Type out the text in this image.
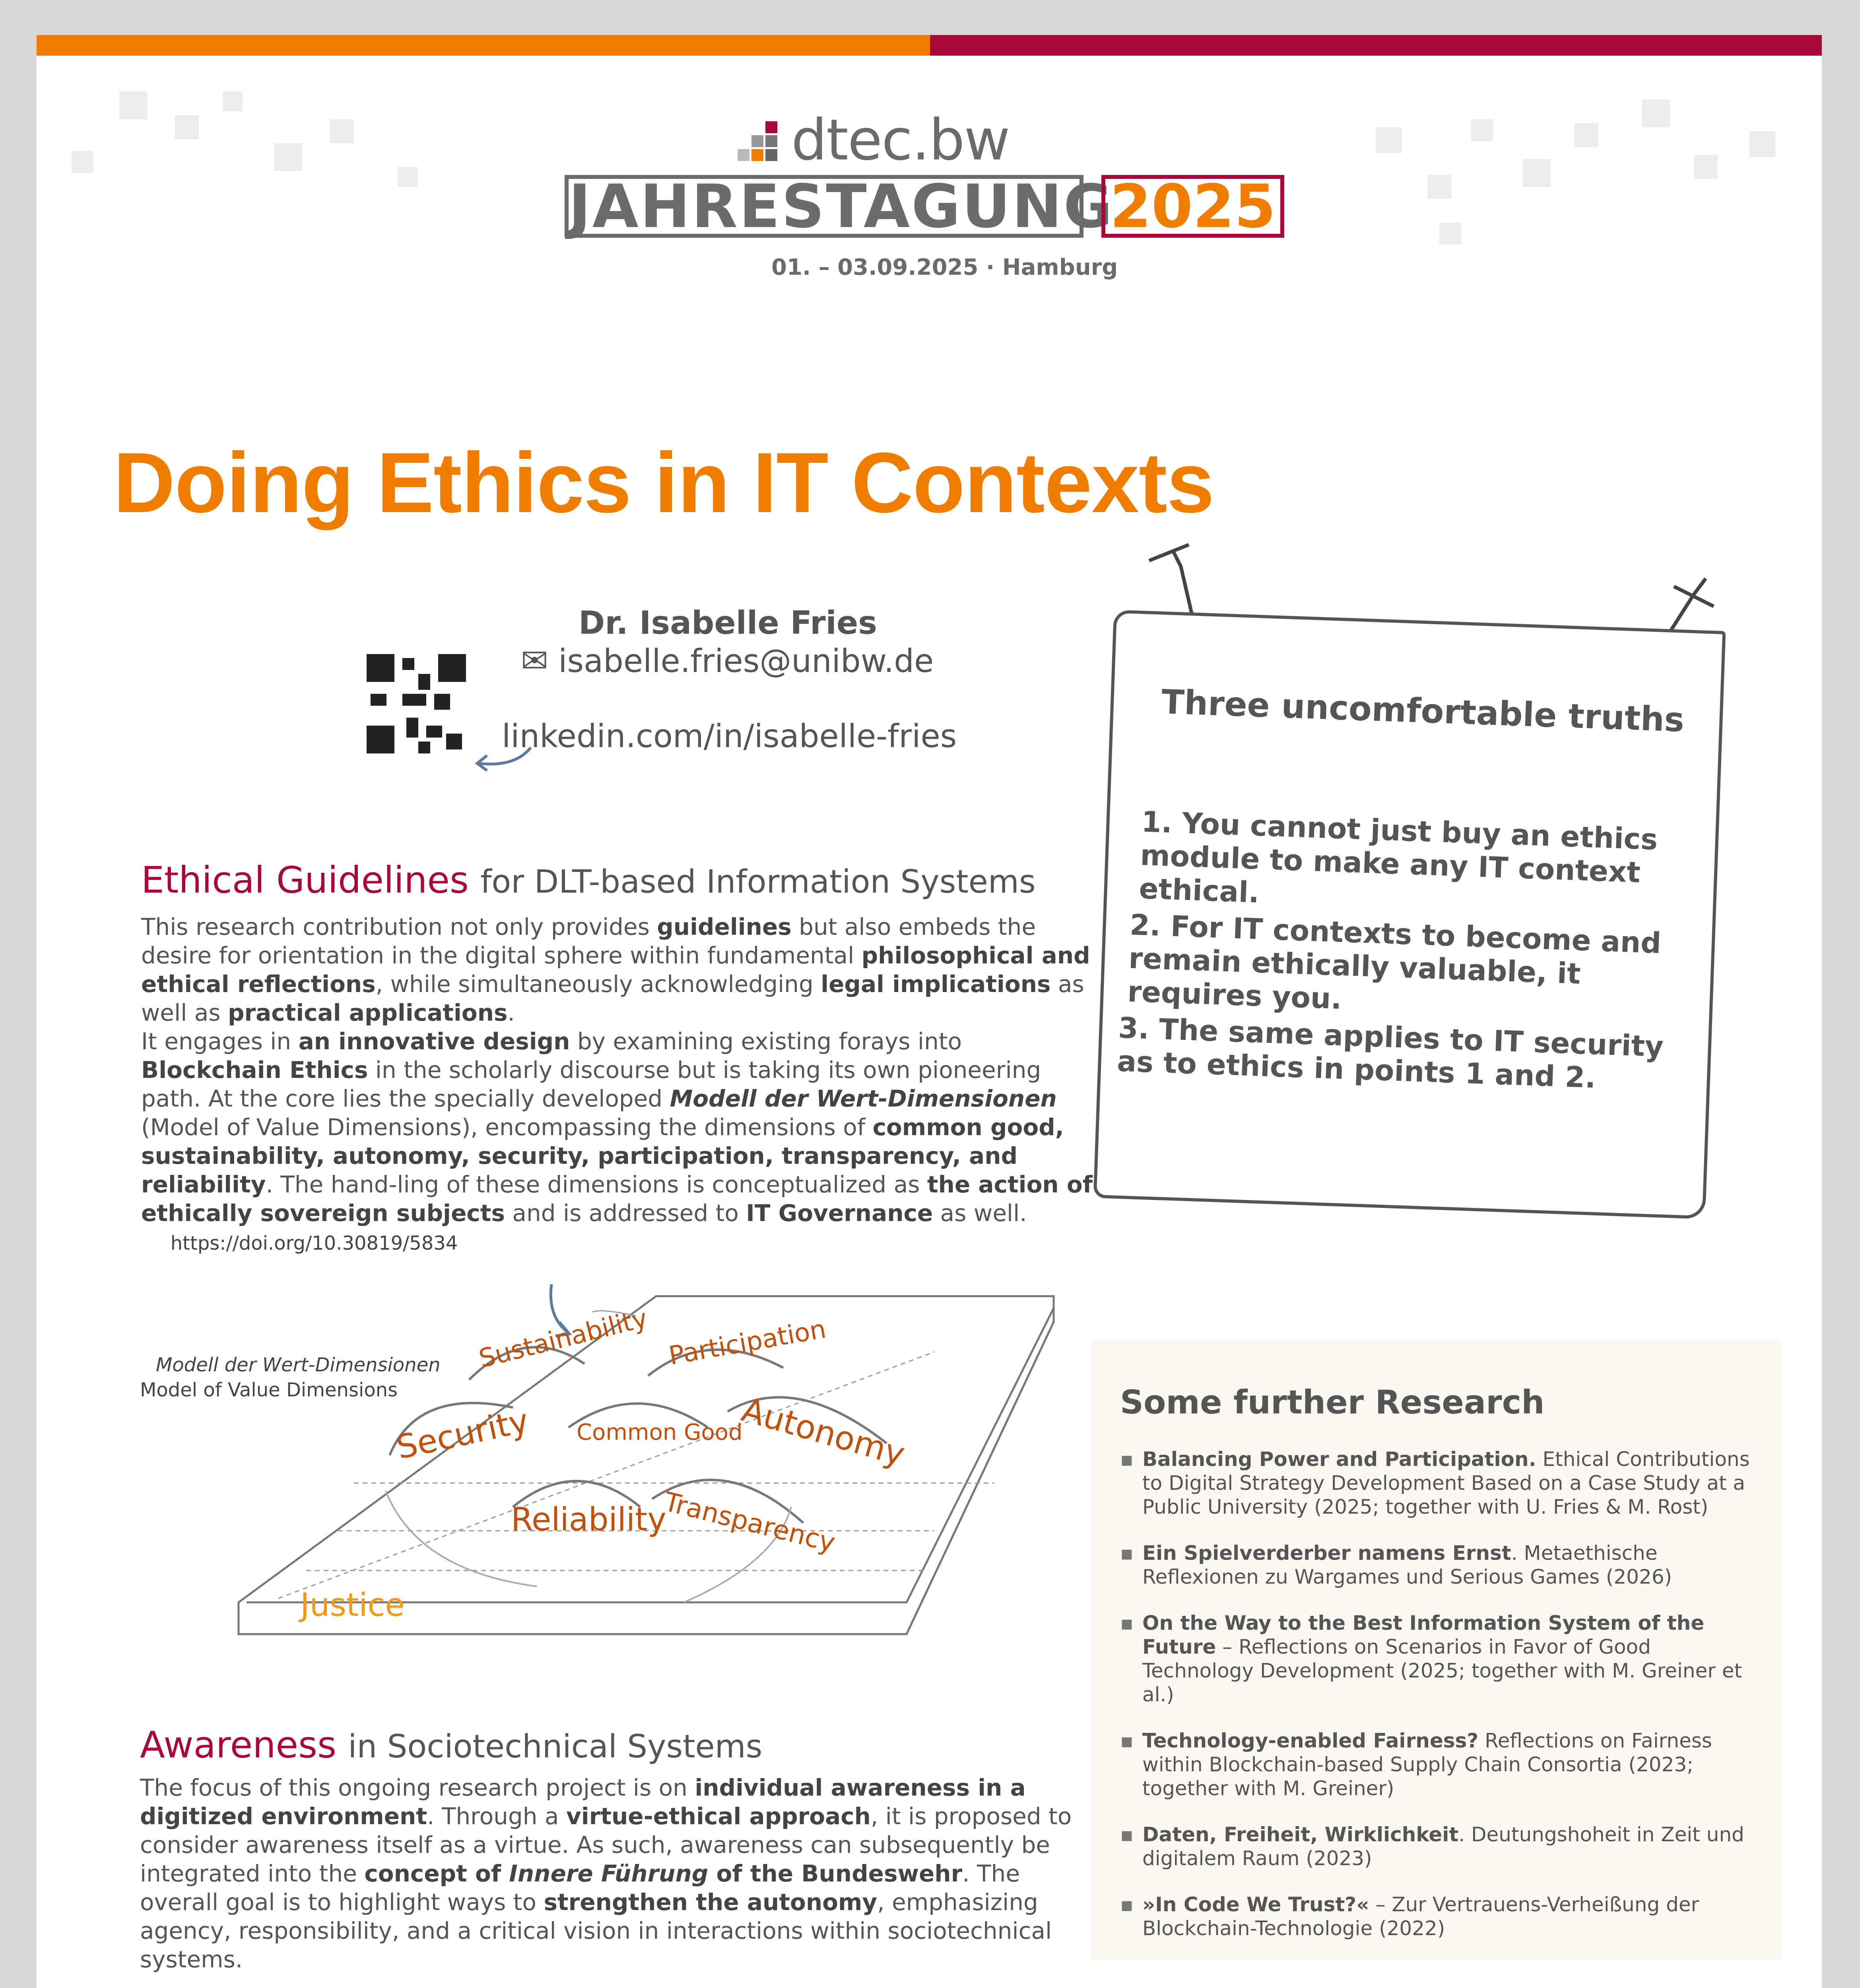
dtec.bw
JAHRESTAGUNG
2025
01. – 03.09.2025 · Hamburg
Doing Ethics in IT Contexts
Dr. Isabelle Fries
✉ isabelle.fries@unibw.de
linkedin.com/in/isabelle-fries	Three uncomfortable truths
1. You cannot just buy an ethics module to make any IT context ethical.
2. For IT contexts to become and remain ethically valuable, it requires you.
3. The same applies to IT security as to ethics in points 1 and 2.
Ethical Guidelines for DLT-based Information Systems
This research contribution not only provides guidelines but also embeds the desire for orientation in the digital sphere within fundamental philosophical and ethical reflections, while simultaneously acknowledging legal implications as well as practical applications.
It engages in an innovative design by examining existing forays into Blockchain Ethics in the scholarly discourse but is taking its own pioneering path. At the core lies the specially developed Modell der Wert-Dimensionen (Model of Value Dimensions), encompassing the dimensions of common good, sustainability, autonomy, security, participation, transparency, and reliability. The hand-ling of these dimensions is conceptualized as the action of ethically sovereign subjects and is addressed to IT Governance as well.     https://doi.org/10.30819/5834
Modell der Wert-Dimensionen
Model of Value Dimensions
Sustainability Participation
Security Common Good
Autonomy
Reliability
Transparency
Justice
Awareness in Sociotechnical Systems
The focus of this ongoing research project is on individual awareness in a digitized environment. Through a virtue-ethical approach, it is proposed to consider awareness itself as a virtue. As such, awareness can subsequently be integrated into the concept of Innere Führung of the Bundeswehr. The overall goal is to highlight ways to strengthen the autonomy, emphasizing agency, responsibility, and a critical vision in interactions within sociotechnical systems.
Some further Research
▪ Balancing Power and Participation. Ethical Contributions to Digital Strategy Development Based on a Case Study at a Public University (2025; together with U. Fries & M. Rost)
▪ Ein Spielverderber namens Ernst. Metaethische Reflexionen zu Wargames und Serious Games (2026)
▪ On the Way to the Best Information System of the Future – Reflections on Scenarios in Favor of Good Technology Development (2025; together with M. Greiner et al.)
▪ Technology-enabled Fairness? Reflections on Fairness within Blockchain-based Supply Chain Consortia (2023; together with M. Greiner)
▪ Daten, Freiheit, Wirklichkeit. Deutungshoheit in Zeit und digitalem Raum (2023)
▪ »In Code We Trust?« – Zur Vertrauens-Verheißung der Blockchain-Technologie (2022)
